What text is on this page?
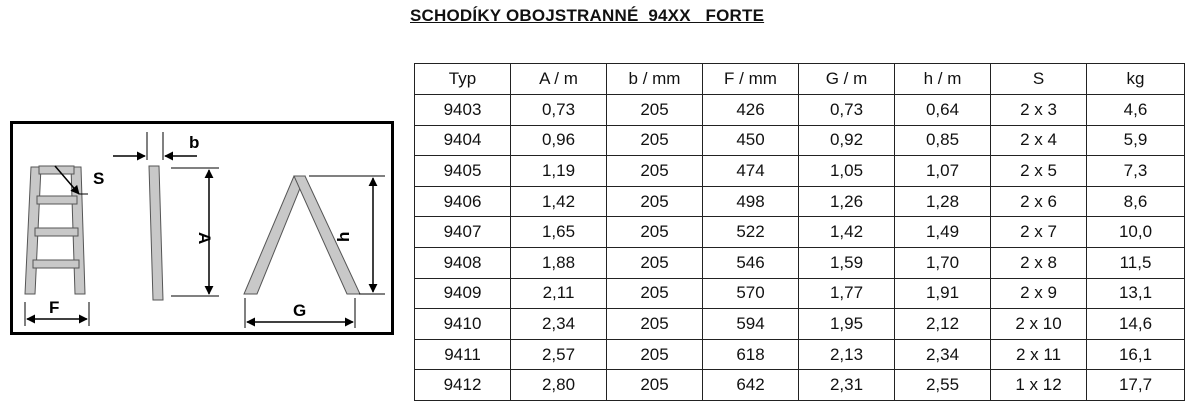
SCHODÍKY OBOJSTRANNÉ  94XX   FORTE
S
F
b
A	h
G
Typ	A / m	b / mm	F / mm	G / m	h / m	S	kg
9403	0,73	205	426	0,73	0,64	2 x 3	4,6
9404	0,96	205	450	0,92	0,85	2 x 4	5,9
9405	1,19	205	474	1,05	1,07	2 x 5	7,3
9406	1,42	205	498	1,26	1,28	2 x 6	8,6
9407	1,65	205	522	1,42	1,49	2 x 7	10,0
9408	1,88	205	546	1,59	1,70	2 x 8	11,5
9409	2,11	205	570	1,77	1,91	2 x 9	13,1
9410	2,34	205	594	1,95	2,12	2 x 10	14,6
9411	2,57	205	618	2,13	2,34	2 x 11	16,1
9412	2,80	205	642	2,31	2,55	1 x 12	17,7
